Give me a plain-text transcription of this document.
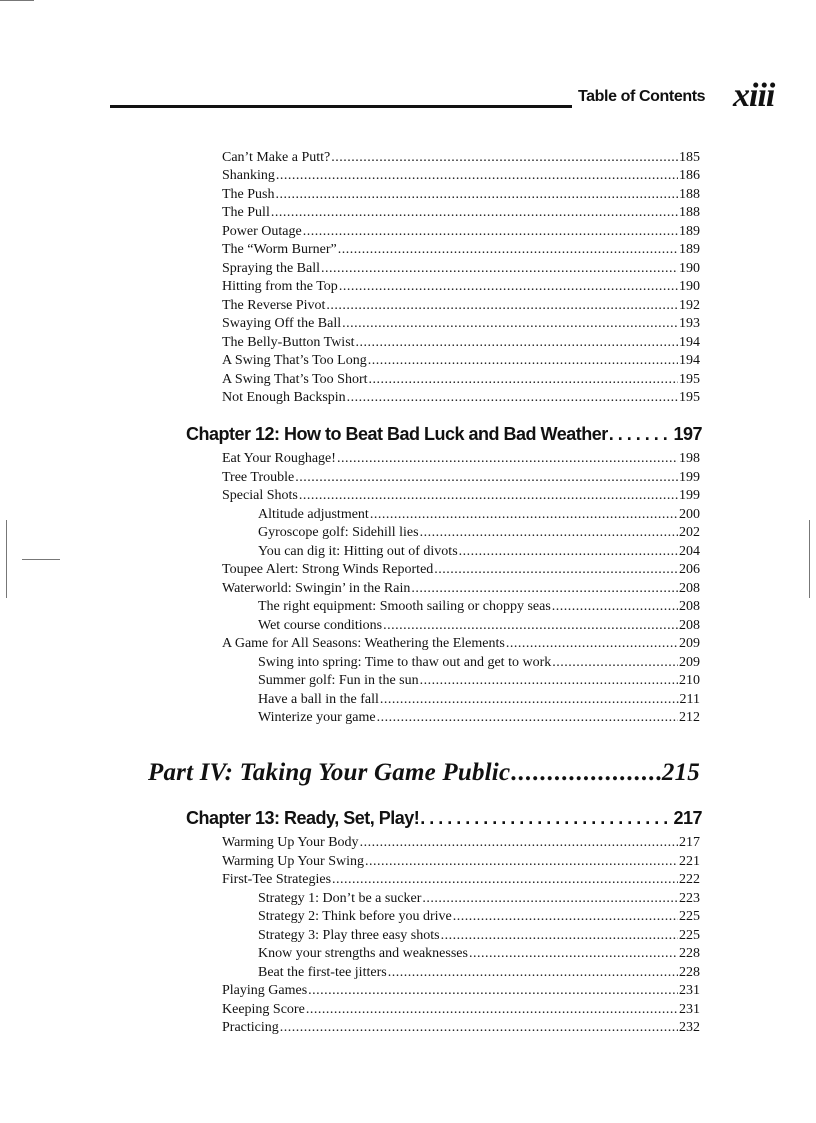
Table of Contents xiii
Can’t Make a Putt? .....	185
Shanking .....	186
The Push .....	188
The Pull .....	188
Power Outage .....	189
The “Worm Burner” .....	189
Spraying the Ball .....	190
Hitting from the Top .....	190
The Reverse Pivot .....	192
Swaying Off the Ball .....	193
The Belly-Button Twist .....	194
A Swing That’s Too Long .....	194
A Swing That’s Too Short .....	195
Not Enough Backspin .....	195
Chapter 12: How to Beat Bad Luck and Bad Weather .....	197
Eat Your Roughage! .....	198
Tree Trouble .....	199
Special Shots .....	199
Altitude adjustment .....	200
Gyroscope golf: Sidehill lies .....	202
You can dig it: Hitting out of divots .....	204
Toupee Alert: Strong Winds Reported .....	206
Waterworld: Swingin’ in the Rain .....	208
The right equipment: Smooth sailing or choppy seas .....	208
Wet course conditions .....	208
A Game for All Seasons: Weathering the Elements .....	209
Swing into spring: Time to thaw out and get to work .....	209
Summer golf: Fun in the sun .....	210
Have a ball in the fall .....	211
Winterize your game .....	212
Part IV: Taking Your Game Public .....	215
Chapter 13: Ready, Set, Play! .....	217
Warming Up Your Body .....	217
Warming Up Your Swing .....	221
First-Tee Strategies .....	222
Strategy 1: Don’t be a sucker .....	223
Strategy 2: Think before you drive .....	225
Strategy 3: Play three easy shots .....	225
Know your strengths and weaknesses .....	228
Beat the first-tee jitters .....	228
Playing Games .....	231
Keeping Score .....	231
Practicing .....	232
